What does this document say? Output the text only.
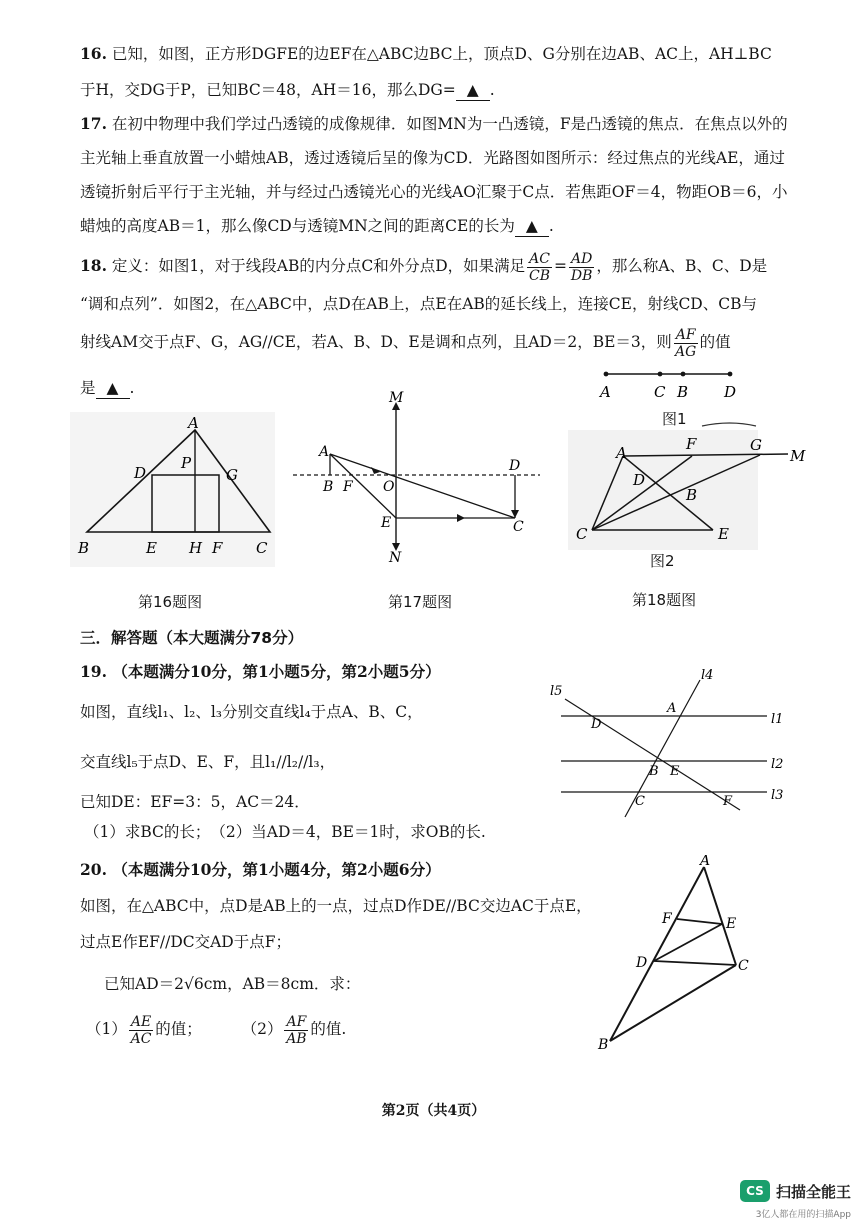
16. 已知，如图，正方形DGFE的边EF在△ABC边BC上，顶点D、G分别在边AB、AC上，AH⊥BC
于H，交DG于P，已知BC＝48，AH＝16，那么DG= ▲ .
17. 在初中物理中我们学过凸透镜的成像规律．如图MN为一凸透镜，F是凸透镜的焦点．在焦点以外的
主光轴上垂直放置一小蜡烛AB，透过透镜后呈的像为CD．光路图如图所示：经过焦点的光线AE，通过
透镜折射后平行于主光轴，并与经过凸透镜光心的光线AO汇聚于C点．若焦距OF＝4，物距OB＝6，小
蜡烛的高度AB＝1，那么像CD与透镜MN之间的距离CE的长为 ▲ .
18. 定义：如图1，对于线段AB的内分点C和外分点D，如果满足 $\frac{AC}{CB} = \frac{AD}{DB}$ ，那么称A、B、C、D是
“调和点列”．如图2，在△ABC中，点D在AB上，点E在AB的延长线上，连接CE，射线CD、CB与
射线AM交于点F、G，AG//CE，若A、B、D、E是调和点列，且AD＝2，BE＝3，则 $\frac{AF}{AG}$ 的值
是 ▲ .	A	C B D
图1
A
D
P
G
B	E H F C
M
A
B F O
D
E	C
N
A	F	G
M
D
B
C	E
图2
第16题图	第17题图	第18题图
三．解答题（本大题满分78分）
19. （本题满分10分，第1小题5分，第2小题5分）
如图，直线l₁、l₂、l₃分别交直线l₄于点A、B、C，
交直线l₅于点D、E、F，且l₁//l₂//l₃，
已知DE：EF=3：5，AC＝24．
（1）求BC的长；　（2）当AD＝4，BE＝1时，求OB的长.
l4
l5
A
D	l1
B E	l2
C	F	l3
20. （本题满分10分，第1小题4分，第2小题6分）
如图，在△ABC中，点D是AB上的一点，过点D作DE//BC交边AC于点E，
过点E作EF//DC交AD于点F；
已知AD＝2√6cm，AB＝8cm．求：
$(1) \frac{AE}{AC}$ 的值；	$(2) \frac{AF}{AB}$ 的值.
A
F	E
D	C
B
第2页（共4页）
CS 扫描全能王
3亿人都在用的扫描App
